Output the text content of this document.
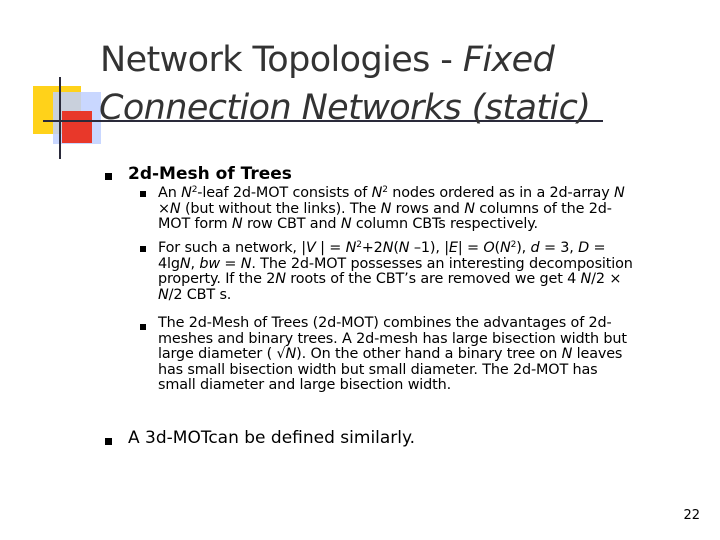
Network Topologies - Fixed
Connection Networks (static)
2d-Mesh of Trees
An $N^2$-leaf 2d-MOT consists of $N^2$ nodes ordered as in a 2d-array N
×N (but without the links). The N rows and N columns of the 2d-
MOT form N row CBT and N column CBTs respectively.
For such a network, |V | = $N^2+2N(N$ –1), $|E| = O(N^2)$, d = 3, D =
4lgN, bw = N. The 2d-MOT possesses an interesting decomposition
property. If the 2N roots of the CBT’s are removed we get 4 N/2 ×
N/2 CBT s.
The 2d-Mesh of Trees (2d-MOT) combines the advantages of 2d-
meshes and binary trees. A 2d-mesh has large bisection width but
large diameter ( √N). On the other hand a binary tree on N leaves
has small bisection width but small diameter. The 2d-MOT has
small diameter and large bisection width.
A 3d-MOTcan be defined similarly.
22
